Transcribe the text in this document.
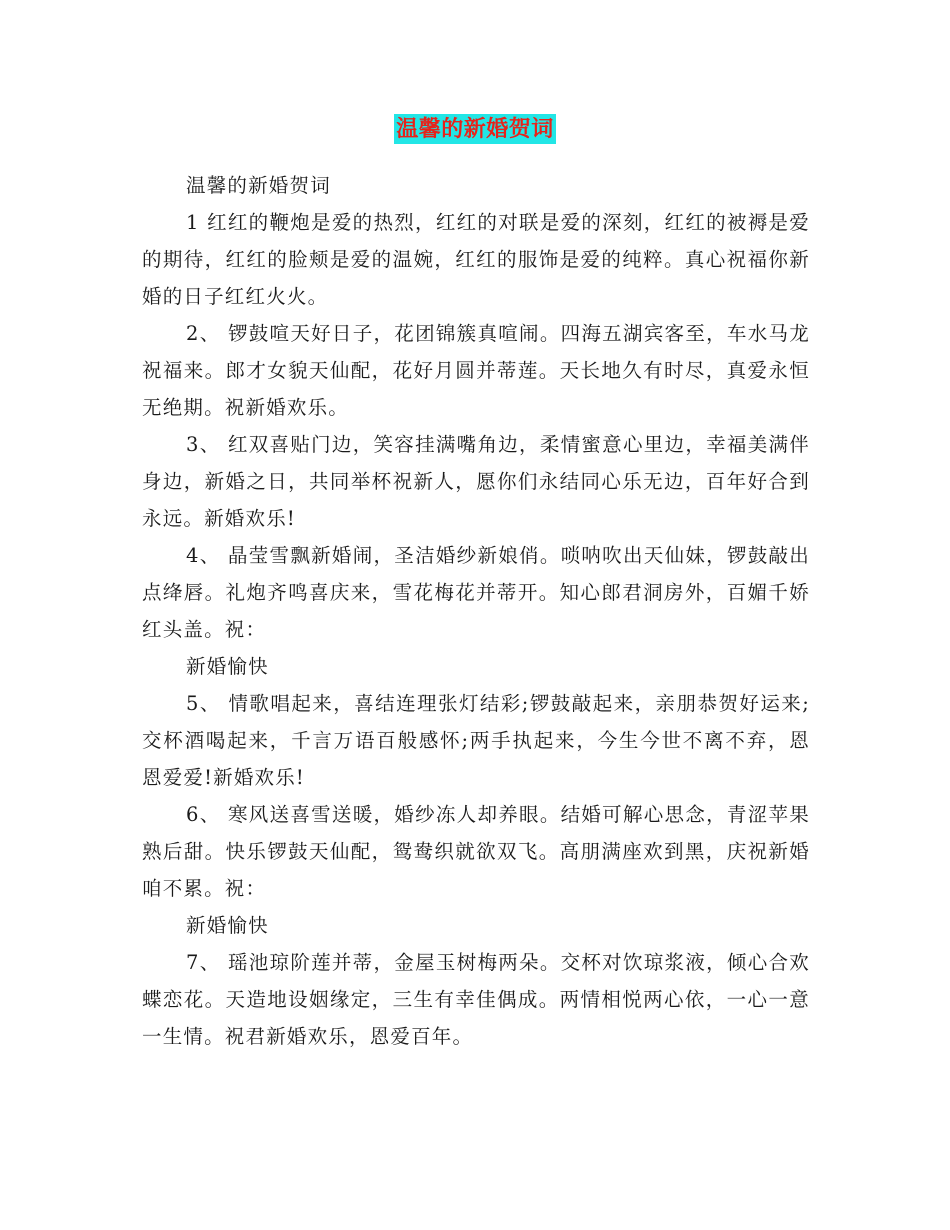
温馨的新婚贺词

温馨的新婚贺词

1 红红的鞭炮是爱的热烈，红红的对联是爱的深刻，红红的被褥是爱的期待，红红的脸颊是爱的温婉，红红的服饰是爱的纯粹。真心祝福你新婚的日子红红火火。

2、 锣鼓喧天好日子，花团锦簇真喧闹。四海五湖宾客至，车水马龙祝福来。郎才女貌天仙配，花好月圆并蒂莲。天长地久有时尽，真爱永恒无绝期。祝新婚欢乐。

3、 红双喜贴门边，笑容挂满嘴角边，柔情蜜意心里边，幸福美满伴身边，新婚之日，共同举杯祝新人，愿你们永结同心乐无边，百年好合到永远。新婚欢乐!

4、 晶莹雪飘新婚闹，圣洁婚纱新娘俏。唢呐吹出天仙妹，锣鼓敲出点绛唇。礼炮齐鸣喜庆来，雪花梅花并蒂开。知心郎君洞房外，百媚千娇红头盖。祝：

新婚愉快

5、 情歌唱起来，喜结连理张灯结彩;锣鼓敲起来，亲朋恭贺好运来;交杯酒喝起来，千言万语百般感怀;两手执起来，今生今世不离不弃，恩恩爱爱!新婚欢乐!

6、 寒风送喜雪送暖，婚纱冻人却养眼。结婚可解心思念，青涩苹果熟后甜。快乐锣鼓天仙配，鸳鸯织就欲双飞。高朋满座欢到黑，庆祝新婚咱不累。祝：

新婚愉快

7、 瑶池琼阶莲并蒂，金屋玉树梅两朵。交杯对饮琼浆液，倾心合欢蝶恋花。天造地设姻缘定，三生有幸佳偶成。两情相悦两心依，一心一意一生情。祝君新婚欢乐，恩爱百年。
